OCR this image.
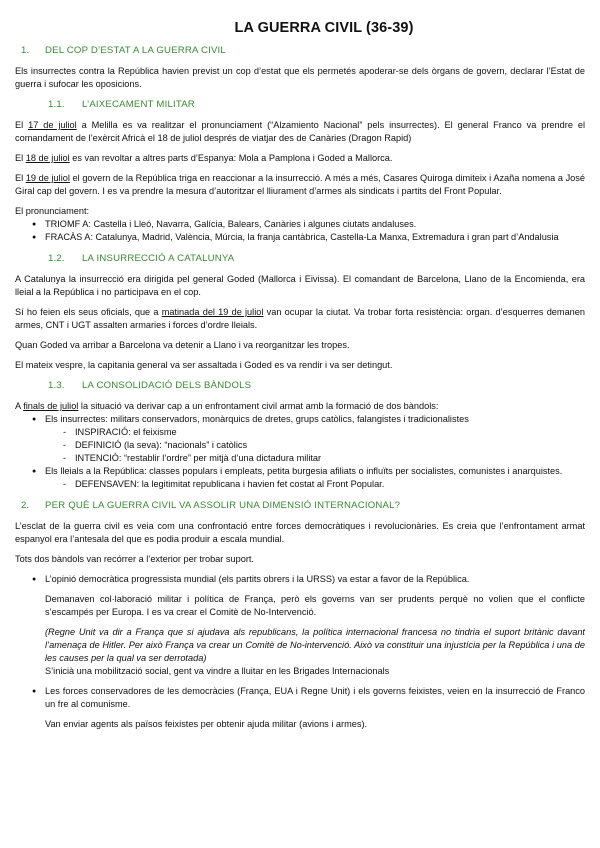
LA GUERRA CIVIL (36-39)
1. DEL COP D’ESTAT A LA GUERRA CIVIL

Els insurrectes contra la República havien previst un cop d’estat que els permetés apoderar-se dels òrgans de govern, declarar l’Estat de guerra i sufocar les oposicions.

1.1. L’AIXECAMENT MILITAR

El 17 de juliol a Melilla es va realitzar el pronunciament (“Alzamiento Nacional” pels insurrectes). El general Franco va prendre el comandament de l’exèrcit Africà el 18 de juliol després de viatjar des de Canàries (Dragon Rapid)

El 18 de juliol es van revoltar a altres parts d’Espanya: Mola a Pamplona i Goded a Mallorca.

El 19 de juliol el govern de la República triga en reaccionar a la insurrecció. A més a més, Casares Quiroga dimiteix i Azaña nomena a José Giral cap del govern. I es va prendre la mesura d’autoritzar el lliurament d’armes als sindicats i partits del Front Popular.

El pronunciament:

● TRIOMF A: Castella i Lleó, Navarra, Galícia, Balears, Canàries i algunes ciutats andaluses.
● FRACÀS A: Catalunya, Madrid, València, Múrcia, la franja cantàbrica, Castella-La Manxa, Extremadura i gran part d’Andalusia
1.2. LA INSURRECCIÓ A CATALUNYA

A Catalunya la insurrecció era dirigida pel general Goded (Mallorca i Eivissa). El comandant de Barcelona, Llano de la Encomienda, era lleial a la República i no participava en el cop.

Sí ho feien els seus oficials, que a matinada del 19 de juliol van ocupar la ciutat. Va trobar forta resistència: organ. d’esquerres demanen armes, CNT i UGT assalten armaries i forces d’ordre lleials.

Quan Goded va arribar a Barcelona va detenir a Llano i va reorganitzar les tropes.

El mateix vespre, la capitania general va ser assaltada i Goded es va rendir i va ser detingut.

1.3. LA CONSOLIDACIÓ DELS BÀNDOLS

A finals de juliol la situació va derivar cap a un enfrontament civil armat amb la formació de dos bàndols:

● Els insurrectes: militars conservadors, monàrquics de dretes, grups catòlics, falangistes i tradicionalistes
- INSPIRACIÓ: el feixisme
- DEFINICIÓ (la seva): “nacionals” i catòlics
- INTENCIÓ: “restablir l’ordre” per mitjà d’una dictadura militar
● Els lleials a la República: classes populars i empleats, petita burgesia afiliats o influïts per socialistes, comunistes i anarquistes.
- DEFENSAVEN: la legitimitat republicana i havien fet costat al Front Popular.
2. PER QUÈ LA GUERRA CIVIL VA ASSOLIR UNA DIMENSIÓ INTERNACIONAL?

L’esclat de la guerra civil es veia com una confrontació entre forces democràtiques i revolucionàries. Es creia que l’enfrontament armat espanyol era l’antesala del que es podia produir a escala mundial.

Tots dos bàndols van recórrer a l’exterior per trobar suport.

● L’opinió democràtica progressista mundial (els partits obrers i la URSS) va estar a favor de la República.

Demanaven col·laboració militar i política de França, però els governs van ser prudents perquè no volien que el conflicte s’escampés per Europa. I es va crear el Comitè de No-Intervenció.

(Regne Unit va dir a França que si ajudava als republicans, la política internacional francesa no tindria el suport britànic davant l’amenaça de Hitler. Per això França va crear un Comitè de No-intervenció. Això va constituir una injustícia per la República i una de les causes per la qual va ser derrotada)

S’inicià una mobilització social, gent va vindre a lluitar en les Brigades Internacionals

● Les forces conservadores de les democràcies (França, EUA i Regne Unit) i els governs feixistes, veien en la insurrecció de Franco un fre al comunisme.

Van enviar agents als països feixistes per obtenir ajuda militar (avions i armes).
